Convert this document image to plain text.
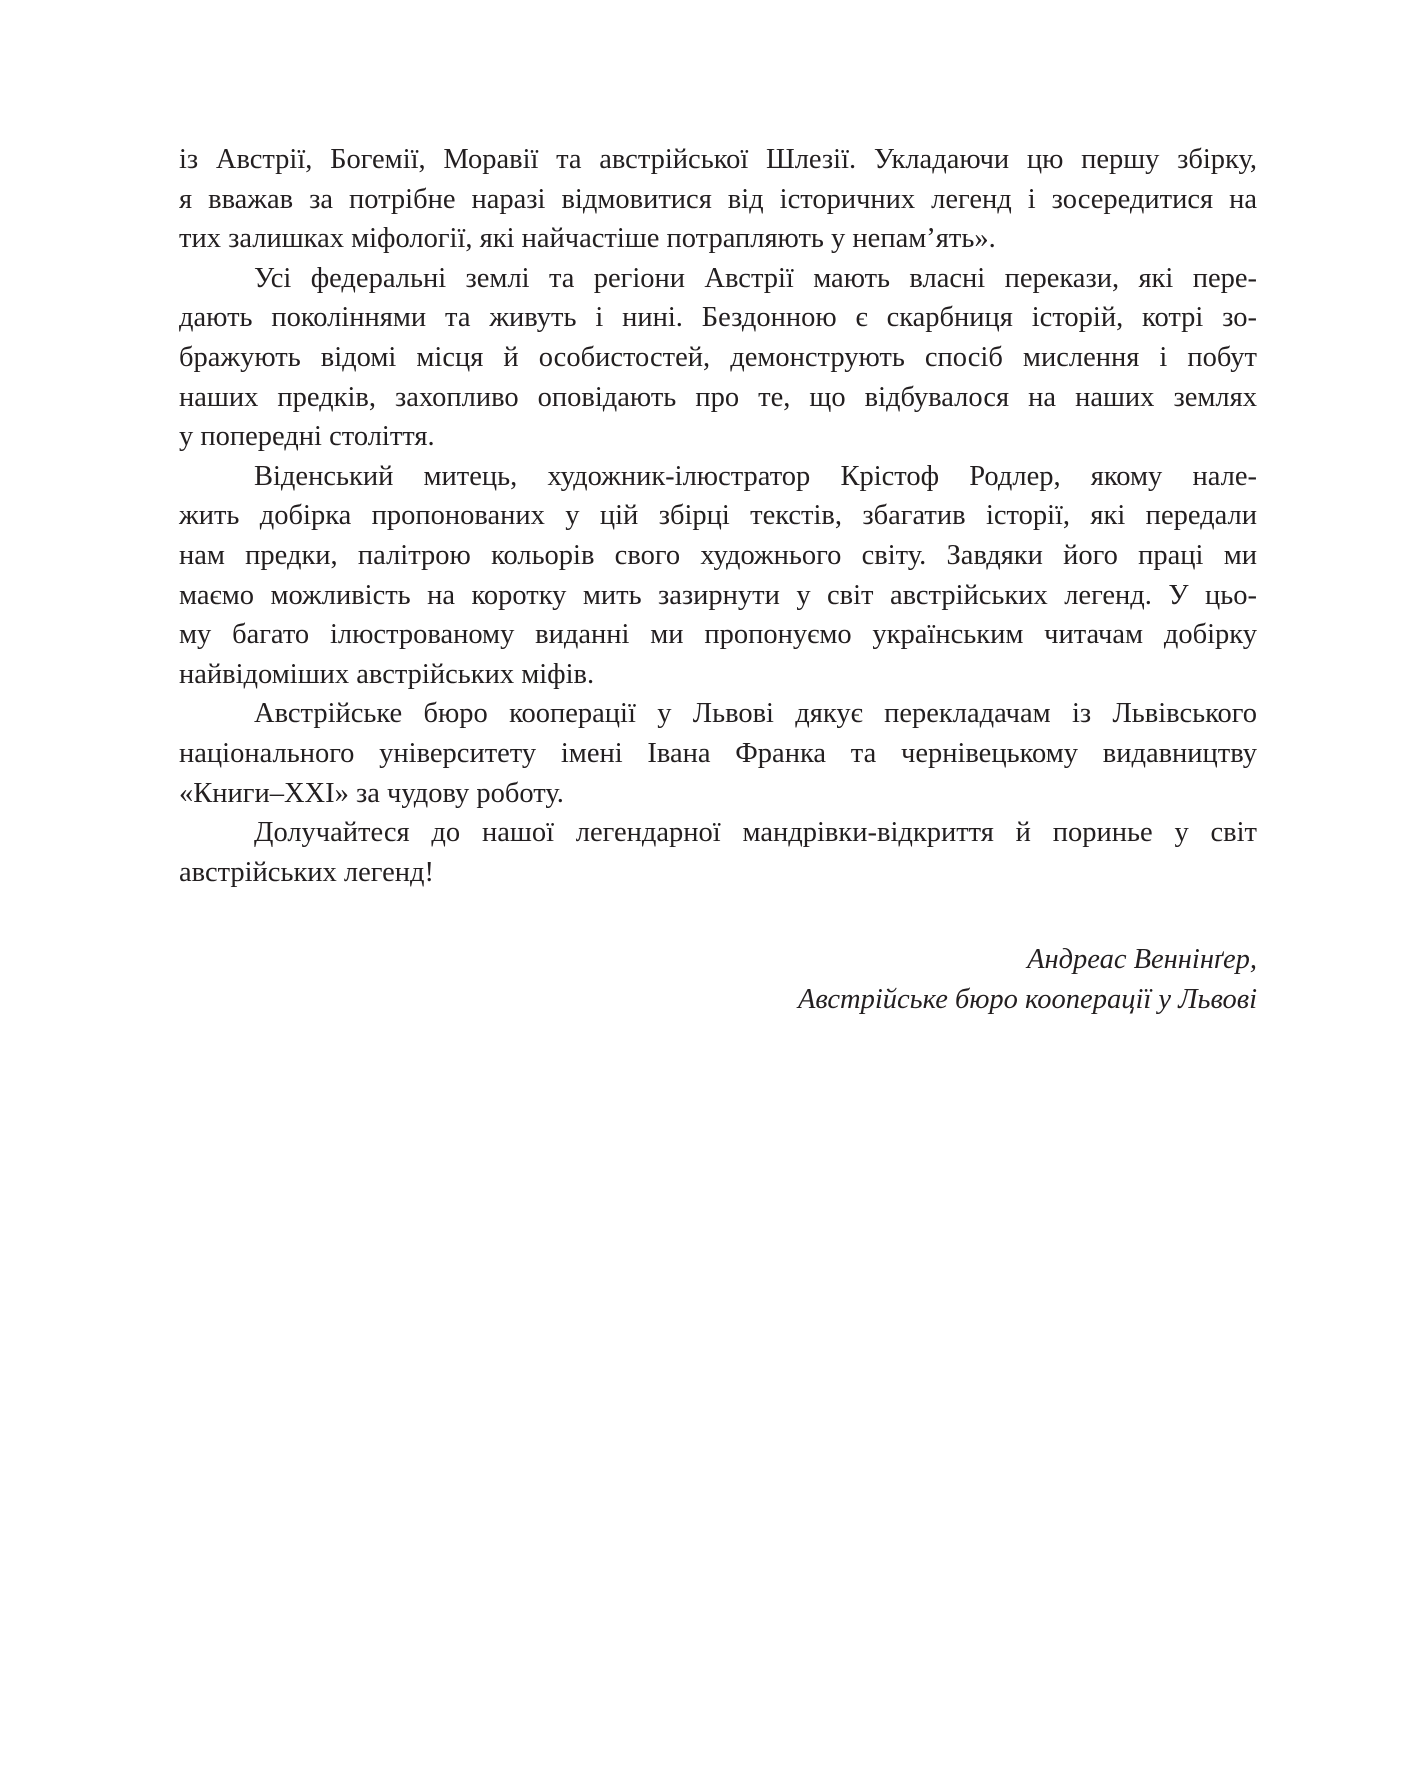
із Австрії, Богемії, Моравії та австрійської Шлезії. Укладаючи цю першу збірку,
я вважав за потрібне наразі відмовитися від історичних легенд і зосередитися на
тих залишках міфології, які найчастіше потрапляють у непам’ять».
Усі федеральні землі та регіони Австрії мають власні перекази, які пере-
дають поколіннями та живуть і нині. Бездонною є скарбниця історій, котрі зо-
бражують відомі місця й особистостей, демонструють спосіб мислення і побут
наших предків, захопливо оповідають про те, що відбувалося на наших землях
у попередні століття.
Віденський митець, художник-ілюстратор Крістоф Родлер, якому нале-
жить добірка пропонованих у цій збірці текстів, збагатив історії, які передали
нам предки, палітрою кольорів свого художнього світу. Завдяки його праці ми
маємо можливість на коротку мить зазирнути у світ австрійських легенд. У цьо-
му багато ілюстрованому виданні ми пропонуємо українським читачам добірку
найвідоміших австрійських міфів.
Австрійське бюро кооперації у Львові дякує перекладачам із Львівського
національного університету імені Івана Франка та чернівецькому видавництву
«Книги–ХХІ» за чудову роботу.
Долучайтеся до нашої легендарної мандрівки-відкриття й поринье у світ
австрійських легенд!
Андреас Веннінґер,
Австрійське бюро кооперації у Львові
